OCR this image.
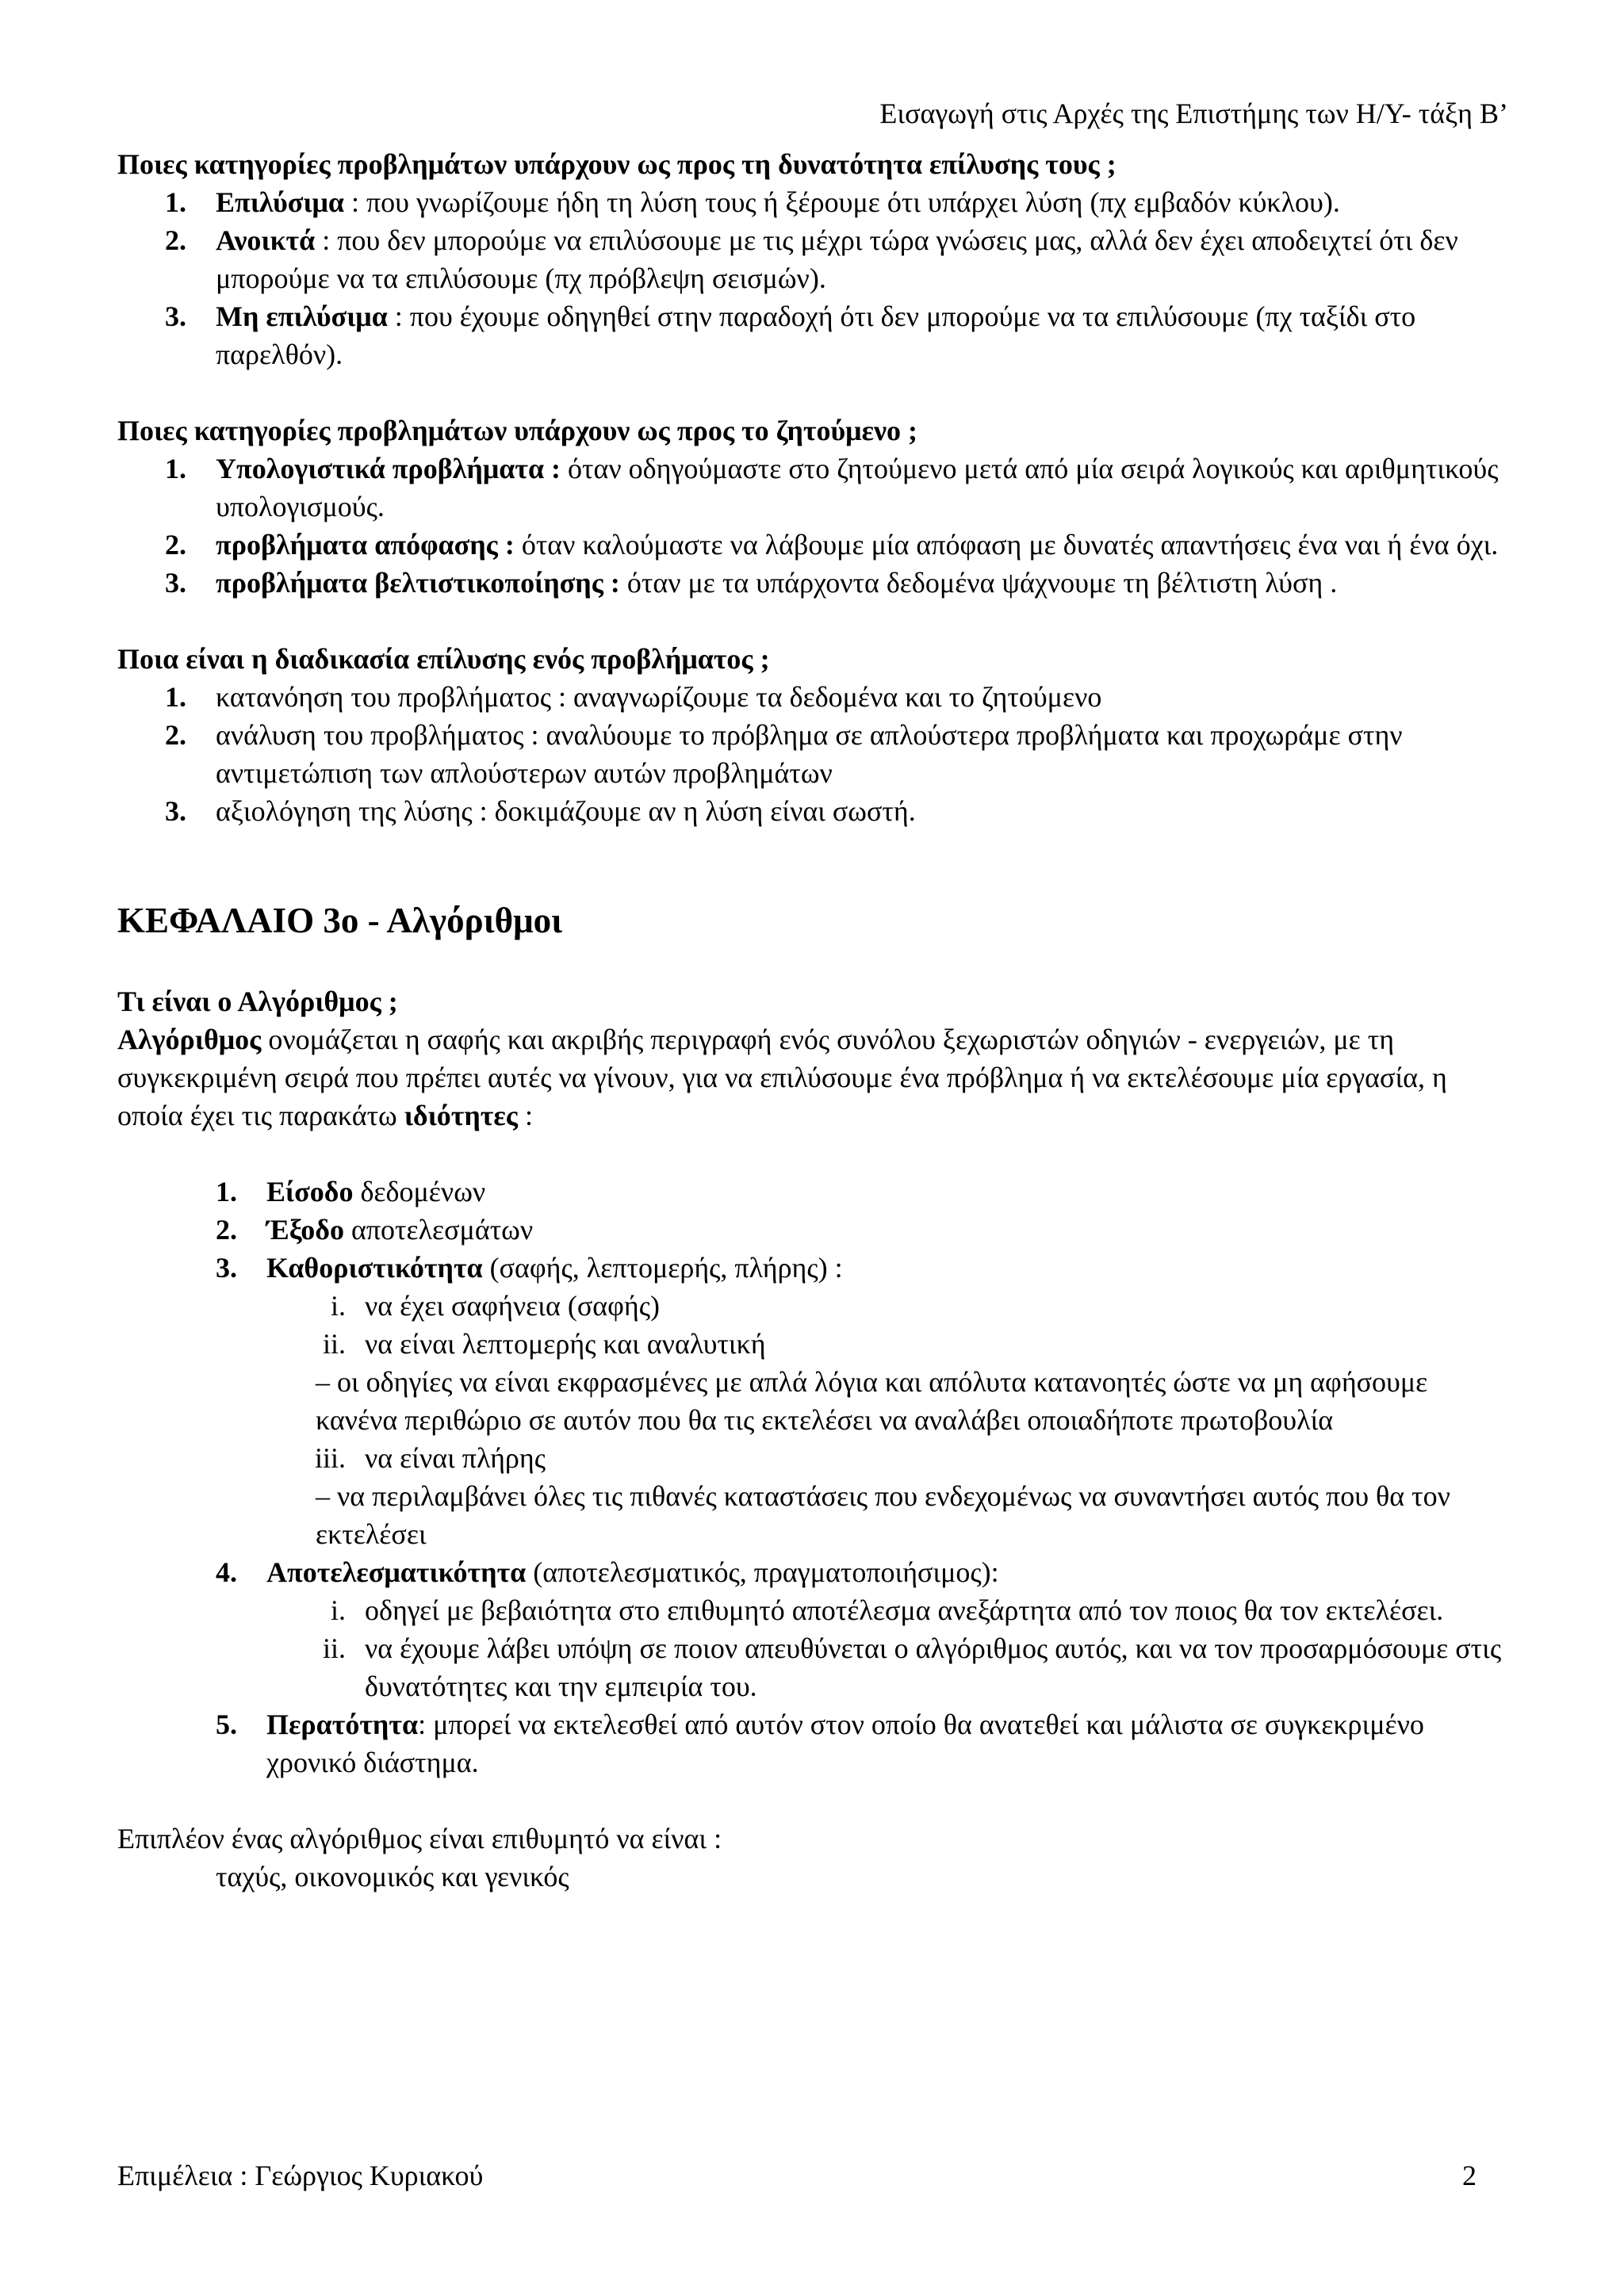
Εισαγωγή στις Αρχές της Επιστήμης των Η/Υ- τάξη Β’

Ποιες κατηγορίες προβλημάτων υπάρχουν ως προς τη δυνατότητα επίλυσης τους ;

1. Επιλύσιμα : που γνωρίζουμε ήδη τη λύση τους ή ξέρουμε ότι υπάρχει λύση (πχ εμβαδόν κύκλου).
2. Ανοικτά : που δεν μπορούμε να επιλύσουμε με τις μέχρι τώρα γνώσεις μας, αλλά δεν έχει αποδειχτεί ότι δεν μπορούμε να τα επιλύσουμε (πχ πρόβλεψη σεισμών).
3. Μη επιλύσιμα : που έχουμε οδηγηθεί στην παραδοχή ότι δεν μπορούμε να τα επιλύσουμε (πχ ταξίδι στο παρελθόν).

Ποιες κατηγορίες προβλημάτων υπάρχουν ως προς το ζητούμενο ;

1. Υπολογιστικά προβλήματα : όταν οδηγούμαστε στο ζητούμενο μετά από μία σειρά λογικούς και αριθμητικούς υπολογισμούς.
2. προβλήματα απόφασης : όταν καλούμαστε να λάβουμε μία απόφαση με δυνατές απαντήσεις ένα ναι ή ένα όχι.
3. προβλήματα βελτιστικοποίησης : όταν με τα υπάρχοντα δεδομένα ψάχνουμε τη βέλτιστη λύση .

Ποια είναι η διαδικασία επίλυσης ενός προβλήματος ;

1. κατανόηση του προβλήματος : αναγνωρίζουμε τα δεδομένα και το ζητούμενο
2. ανάλυση του προβλήματος : αναλύουμε το πρόβλημα σε απλούστερα προβλήματα και προχωράμε στην αντιμετώπιση των απλούστερων αυτών προβλημάτων
3. αξιολόγηση της λύσης : δοκιμάζουμε αν η λύση είναι σωστή.
ΚΕΦΑΛΑΙΟ 3ο - Αλγόριθμοι

Τι είναι ο Αλγόριθμος ;

Αλγόριθμος ονομάζεται η σαφής και ακριβής περιγραφή ενός συνόλου ξεχωριστών οδηγιών - ενεργειών, με τη συγκεκριμένη σειρά που πρέπει αυτές να γίνουν, για να επιλύσουμε ένα πρόβλημα ή να εκτελέσουμε μία εργασία, η οποία έχει τις παρακάτω ιδιότητες :

1. Είσοδο δεδομένων
2. Έξοδο αποτελεσμάτων
3. Καθοριστικότητα (σαφής, λεπτομερής, πλήρης) :
i. να έχει σαφήνεια (σαφής)
ii. να είναι λεπτομερής και αναλυτική
– οι οδηγίες να είναι εκφρασμένες με απλά λόγια και απόλυτα κατανοητές ώστε να μη αφήσουμε κανένα περιθώριο σε αυτόν που θα τις εκτελέσει να αναλάβει οποιαδήποτε πρωτοβουλία
iii. να είναι πλήρης
– να περιλαμβάνει όλες τις πιθανές καταστάσεις που ενδεχομένως να συναντήσει αυτός που θα τον εκτελέσει
4. Αποτελεσματικότητα (αποτελεσματικός, πραγματοποιήσιμος):
i. οδηγεί με βεβαιότητα στο επιθυμητό αποτέλεσμα ανεξάρτητα από τον ποιος θα τον εκτελέσει.
ii. να έχουμε λάβει υπόψη σε ποιον απευθύνεται ο αλγόριθμος αυτός, και να τον προσαρμόσουμε στις δυνατότητες και την εμπειρία του.
5. Περατότητα: μπορεί να εκτελεσθεί από αυτόν στον οποίο θα ανατεθεί και μάλιστα σε συγκεκριμένο χρονικό διάστημα.
Επιπλέον ένας αλγόριθμος είναι επιθυμητό να είναι :
ταχύς, οικονομικός και γενικός
Επιμέλεια : Γεώργιος Κυριακού	2
